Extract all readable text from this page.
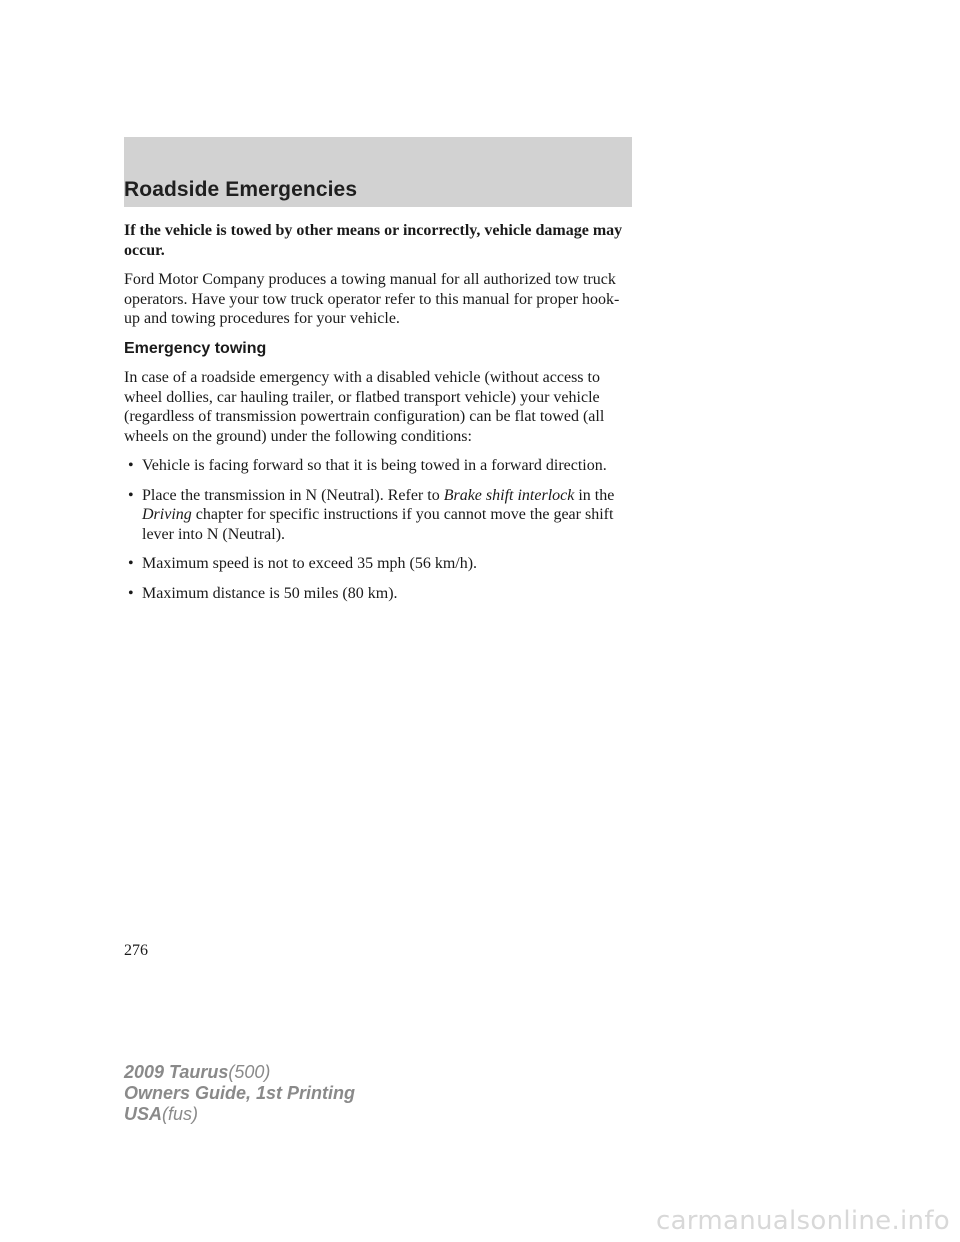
Roadside Emergencies

If the vehicle is towed by other means or incorrectly, vehicle damage may occur.

Ford Motor Company produces a towing manual for all authorized tow truck operators. Have your tow truck operator refer to this manual for proper hook-up and towing procedures for your vehicle.

Emergency towing

In case of a roadside emergency with a disabled vehicle (without access to wheel dollies, car hauling trailer, or flatbed transport vehicle) your vehicle (regardless of transmission powertrain configuration) can be flat towed (all wheels on the ground) under the following conditions:

• Vehicle is facing forward so that it is being towed in a forward direction.
• Place the transmission in N (Neutral). Refer to Brake shift interlock in the Driving chapter for specific instructions if you cannot move the gear shift lever into N (Neutral).
• Maximum speed is not to exceed 35 mph (56 km/h).
• Maximum distance is 50 miles (80 km).
276
2009 Taurus(500)
Owners Guide, 1st Printing
USA(fus)
carmanualsonline.info
